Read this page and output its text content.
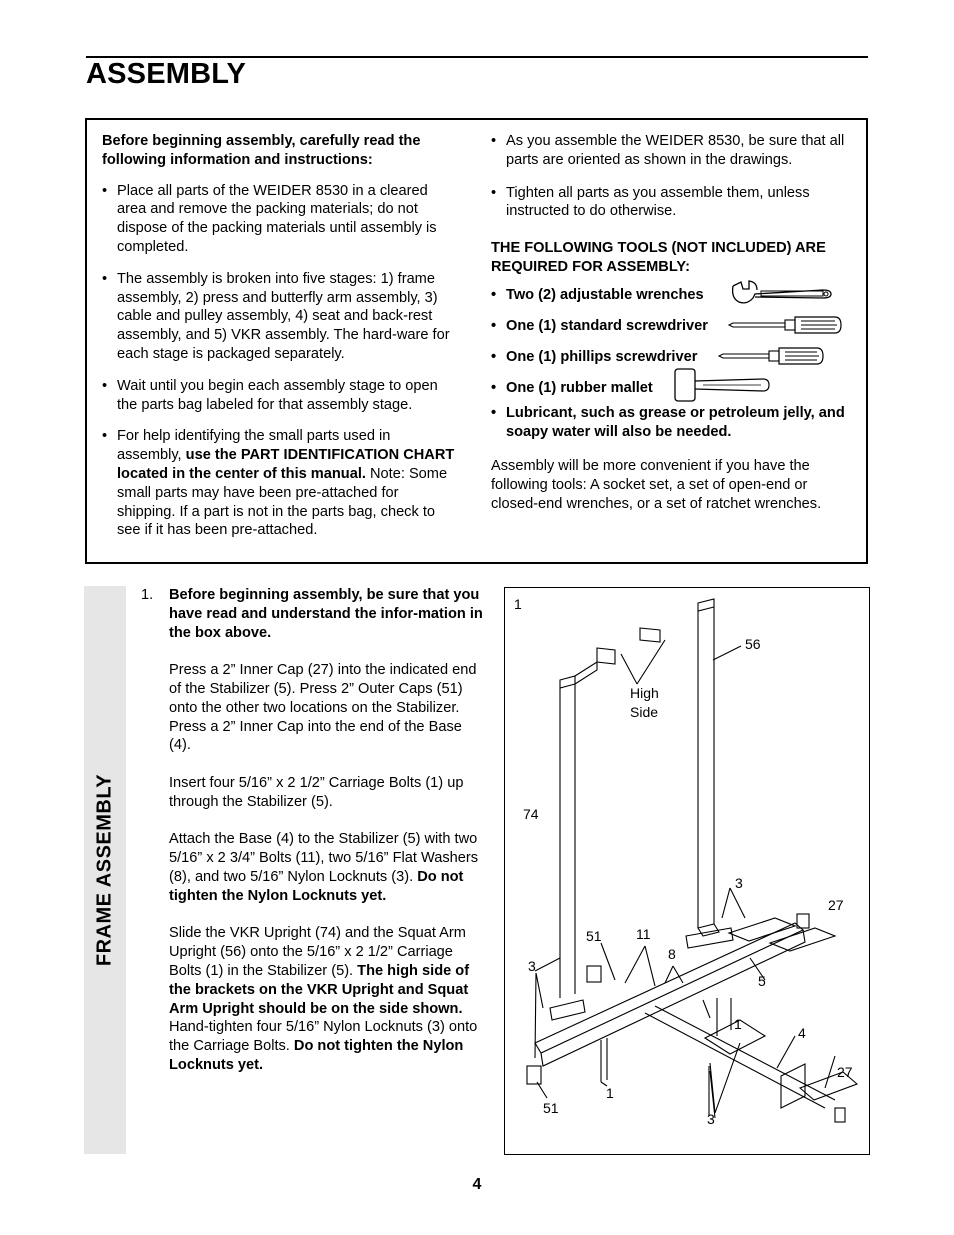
ASSEMBLY

Before beginning assembly, carefully read the following information and instructions:

• Place all parts of the WEIDER 8530 in a cleared area and remove the packing materials; do not dispose of the packing materials until assembly is completed.

• The assembly is broken into five stages: 1) frame assembly, 2) press and butterfly arm assembly, 3) cable and pulley assembly, 4) seat and back-rest assembly, and 5) VKR assembly. The hard-ware for each stage is packaged separately.

• Wait until you begin each assembly stage to open the parts bag labeled for that assembly stage.

• For help identifying the small parts used in assembly, use the PART IDENTIFICATION CHART located in the center of this manual. Note: Some small parts may have been pre-attached for shipping. If a part is not in the parts bag, check to see if it has been pre-attached.

• As you assemble the WEIDER 8530, be sure that all parts are oriented as shown in the drawings.

• Tighten all parts as you assemble them, unless instructed to do otherwise.

THE FOLLOWING TOOLS (NOT INCLUDED) ARE REQUIRED FOR ASSEMBLY:

• Two (2) adjustable wrenches
• One (1) standard screwdriver
• One (1) phillips screwdriver
• One (1) rubber mallet

• Lubricant, such as grease or petroleum jelly, and soapy water will also be needed.

Assembly will be more convenient if you have the following tools: A socket set, a set of open-end or closed-end wrenches, or a set of ratchet wrenches.

FRAME ASSEMBLY
1. Before beginning assembly, be sure that you have read and understand the infor-mation in the box above.

Press a 2” Inner Cap (27) into the indicated end of the Stabilizer (5). Press 2” Outer Caps (51) onto the other two locations on the Stabilizer. Press a 2” Inner Cap into the end of the Base (4).

Insert four 5/16” x 2 1/2” Carriage Bolts (1) up through the Stabilizer (5).

Attach the Base (4) to the Stabilizer (5) with two 5/16” x 2 3/4” Bolts (11), two 5/16” Flat Washers (8), and two 5/16” Nylon Locknuts (3). Do not tighten the Nylon Locknuts yet.

Slide the VKR Upright (74) and the Squat Arm Upright (56) onto the 5/16” x 2 1/2” Carriage Bolts (1) in the Stabilizer (5). The high side of the brackets on the VKR Upright and Squat Arm Upright should be on the side shown. Hand-tighten four 5/16” Nylon Locknuts (3) onto the Carriage Bolts. Do not tighten the Nylon Locknuts yet.

1
56
High
Side
74
3
27
51 11
3
8
5
1
4
27
1
51
3
4
